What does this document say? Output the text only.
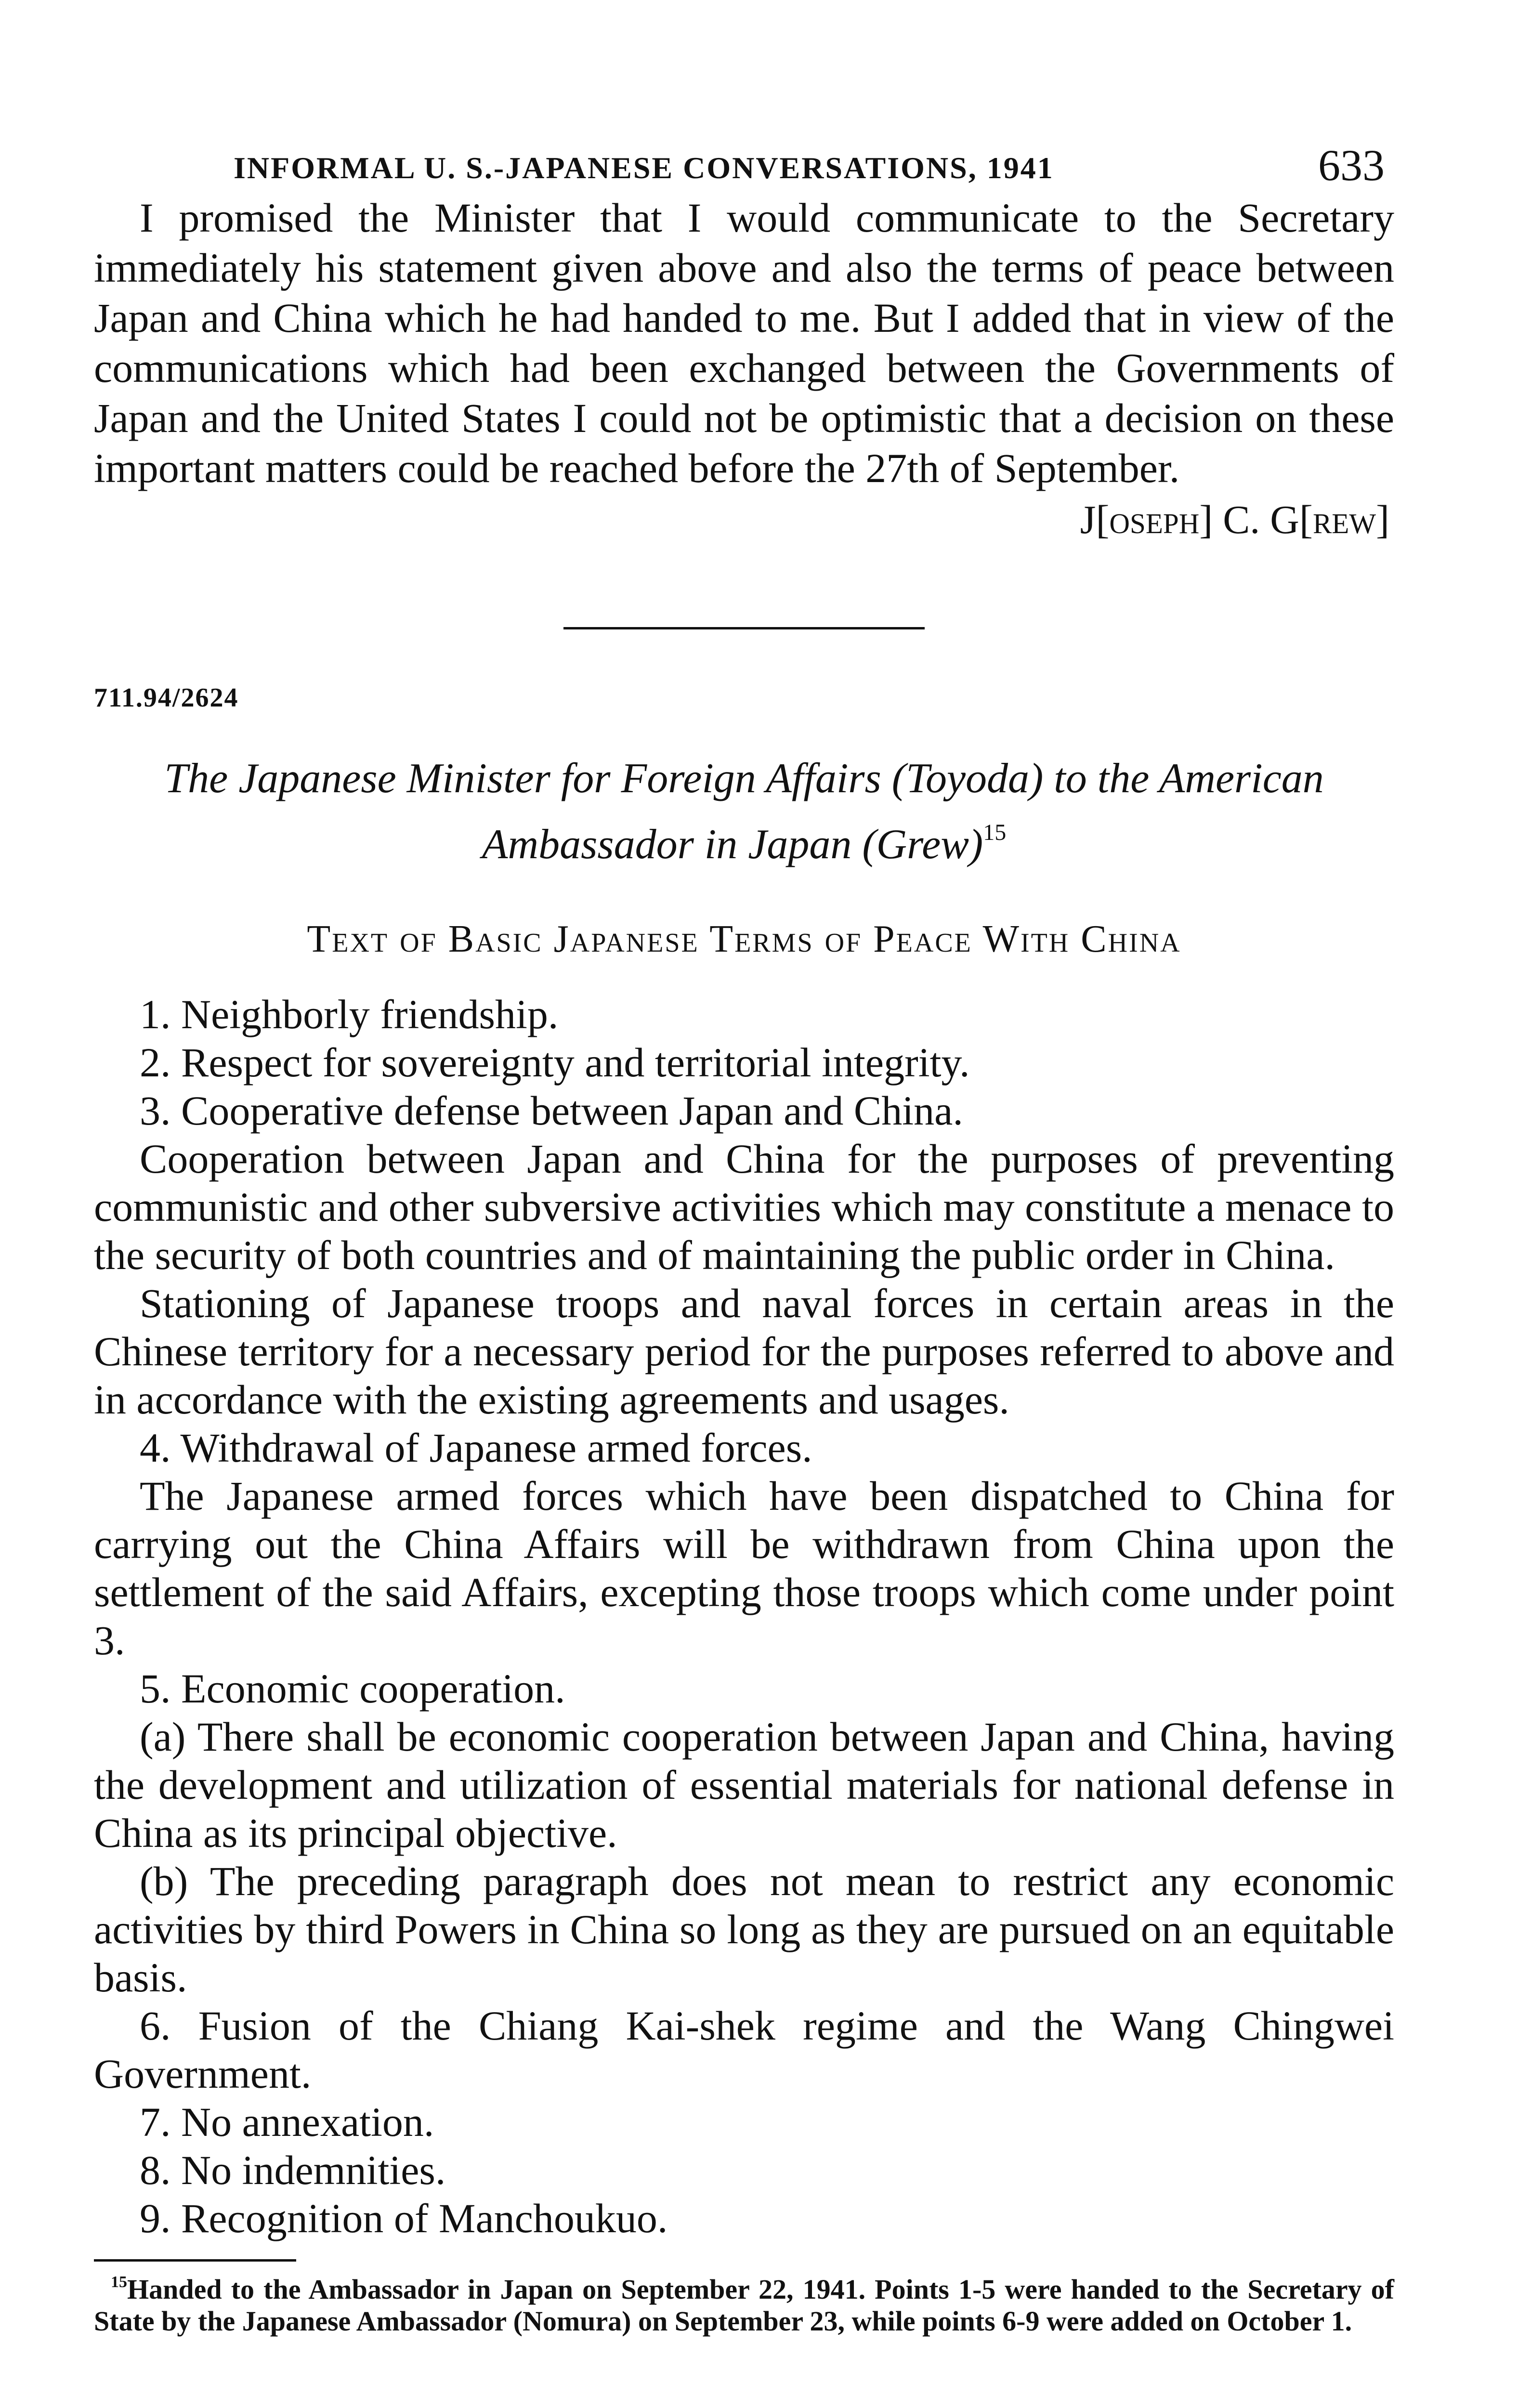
INFORMAL U. S.-JAPANESE CONVERSATIONS, 1941	633

I promised the Minister that I would communicate to the Secretary immediately his statement given above and also the terms of peace between Japan and China which he had handed to me. But I added that in view of the communications which had been exchanged between the Governments of Japan and the United States I could not be optimistic that a decision on these important matters could be reached before the 27th of September.

J[oseph] C. G[rew]
711.94/2624
The Japanese Minister for Foreign Affairs (Toyoda) to the American Ambassador in Japan (Grew)$^{15}$
Text of Basic Japanese Terms of Peace With China
1. Neighborly friendship.
2. Respect for sovereignty and territorial integrity.
3. Cooperative defense between Japan and China.

Cooperation between Japan and China for the purposes of preventing communistic and other subversive activities which may constitute a menace to the security of both countries and of maintaining the public order in China.

Stationing of Japanese troops and naval forces in certain areas in the Chinese territory for a necessary period for the purposes referred to above and in accordance with the existing agreements and usages.

4. Withdrawal of Japanese armed forces.

The Japanese armed forces which have been dispatched to China for carrying out the China Affairs will be withdrawn from China upon the settlement of the said Affairs, excepting those troops which come under point 3.

5. Economic cooperation.

(a) There shall be economic cooperation between Japan and China, having the development and utilization of essential materials for national defense in China as its principal objective.

(b) The preceding paragraph does not mean to restrict any economic activities by third Powers in China so long as they are pursued on an equitable basis.

6. Fusion of the Chiang Kai-shek regime and the Wang Chingwei Government.

7. No annexation.
8. No indemnities.
9. Recognition of Manchoukuo.

$^{15}$Handed to the Ambassador in Japan on September 22, 1941. Points 1-5 were handed to the Secretary of State by the Japanese Ambassador (Nomura) on September 23, while points 6-9 were added on October 1.
